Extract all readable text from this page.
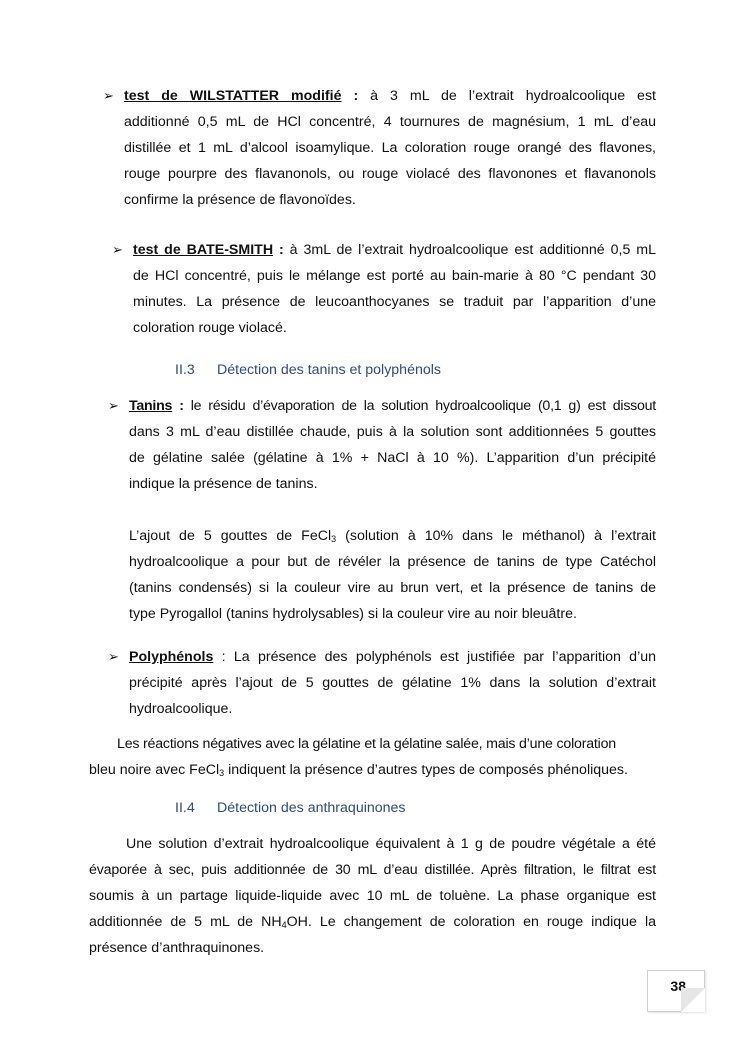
➢ test de WILSTATTER modifié : à 3 mL de l’extrait hydroalcoolique est
additionné 0,5 mL de HCl concentré, 4 tournures de magnésium, 1 mL d’eau
distillée et 1 mL d’alcool isoamylique. La coloration rouge orangé des flavones,
rouge pourpre des flavanonols, ou rouge violacé des flavonones et flavanonols
confirme la présence de flavonoïdes.
➢ test de BATE-SMITH : à 3mL de l’extrait hydroalcoolique est additionné 0,5 mL
de HCl concentré, puis le mélange est porté au bain-marie à 80 °C pendant 30
minutes. La présence de leucoanthocyanes se traduit par l’apparition d’une
coloration rouge violacé.
II.3 Détection des tanins et polyphénols
➢ Tanins : le résidu d’évaporation de la solution hydroalcoolique (0,1 g) est dissout
dans 3 mL d’eau distillée chaude, puis à la solution sont additionnées 5 gouttes
de gélatine salée (gélatine à 1% + NaCl à 10 %). L’apparition d’un précipité
indique la présence de tanins.
L’ajout de 5 gouttes de FeCl$_3$ (solution à 10% dans le méthanol) à l’extrait
hydroalcoolique a pour but de révéler la présence de tanins de type Catéchol
(tanins condensés) si la couleur vire au brun vert, et la présence de tanins de
type Pyrogallol (tanins hydrolysables) si la couleur vire au noir bleuâtre.
➢ Polyphénols : La présence des polyphénols est justifiée par l’apparition d’un
précipité après l’ajout de 5 gouttes de gélatine 1% dans la solution d’extrait
hydroalcoolique.
Les réactions négatives avec la gélatine et la gélatine salée, mais d’une coloration
bleu noire avec FeCl$_3$ indiquent la présence d’autres types de composés phénoliques.
II.4 Détection des anthraquinones
Une solution d’extrait hydroalcoolique équivalent à 1 g de poudre végétale a été
évaporée à sec, puis additionnée de 30 mL d’eau distillée. Après filtration, le filtrat est
soumis à un partage liquide-liquide avec 10 mL de toluène. La phase organique est
additionnée de 5 mL de $NH_4OH$. Le changement de coloration en rouge indique la
présence d’anthraquinones.
38
